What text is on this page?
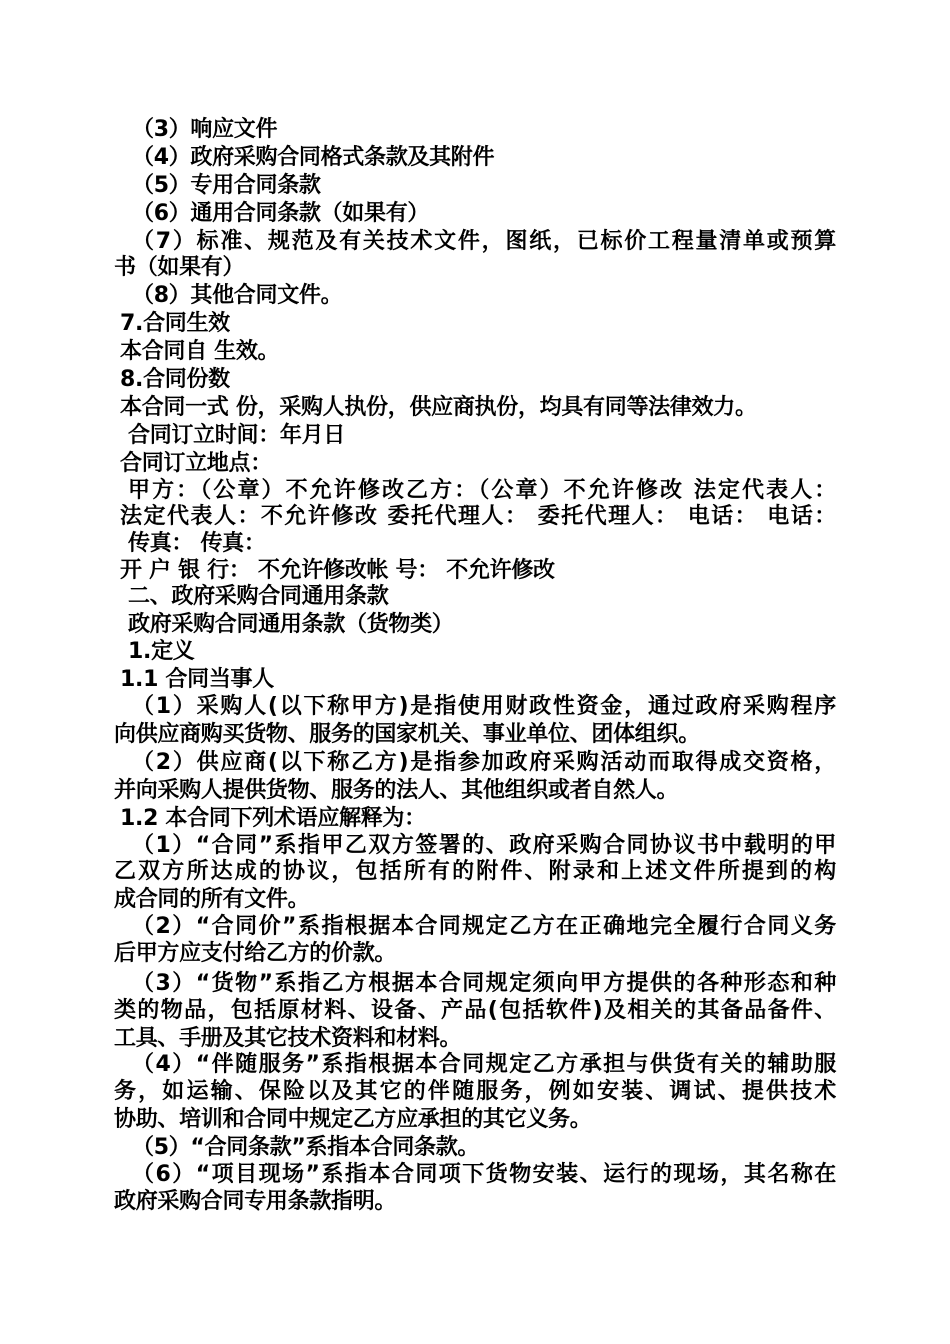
（3）响应文件
（4）政府采购合同格式条款及其附件
（5）专用合同条款
（6）通用合同条款（如果有）
（7）标准、规范及有关技术文件，图纸，已标价工程量清单或预算
书（如果有）
（8）其他合同文件。
7.合同生效
本合同自 生效。
8.合同份数
本合同一式 份，采购人执份，供应商执份，均具有同等法律效力。
合同订立时间：年月日
合同订立地点：
甲方：（公章）不允许修改乙方：（公章）不允许修改 法定代表人：
法定代表人：不允许修改 委托代理人： 委托代理人： 电话： 电话：
传真： 传真：
开 户 银 行： 不允许修改帐 号： 不允许修改
二、政府采购合同通用条款
政府采购合同通用条款（货物类）
1.定义
1.1 合同当事人
（1）采购人(以下称甲方)是指使用财政性资金，通过政府采购程序
向供应商购买货物、服务的国家机关、事业单位、团体组织。
（2）供应商(以下称乙方)是指参加政府采购活动而取得成交资格，
并向采购人提供货物、服务的法人、其他组织或者自然人。
1.2 本合同下列术语应解释为：
（1）“合同”系指甲乙双方签署的、政府采购合同协议书中载明的甲
乙双方所达成的协议，包括所有的附件、附录和上述文件所提到的构
成合同的所有文件。
（2）“合同价”系指根据本合同规定乙方在正确地完全履行合同义务
后甲方应支付给乙方的价款。
（3）“货物”系指乙方根据本合同规定须向甲方提供的各种形态和种
类的物品，包括原材料、设备、产品(包括软件)及相关的其备品备件、
工具、手册及其它技术资料和材料。
（4）“伴随服务”系指根据本合同规定乙方承担与供货有关的辅助服
务，如运输、保险以及其它的伴随服务，例如安装、调试、提供技术
协助、培训和合同中规定乙方应承担的其它义务。
（5）“合同条款”系指本合同条款。
（6）“项目现场”系指本合同项下货物安装、运行的现场，其名称在
政府采购合同专用条款指明。
